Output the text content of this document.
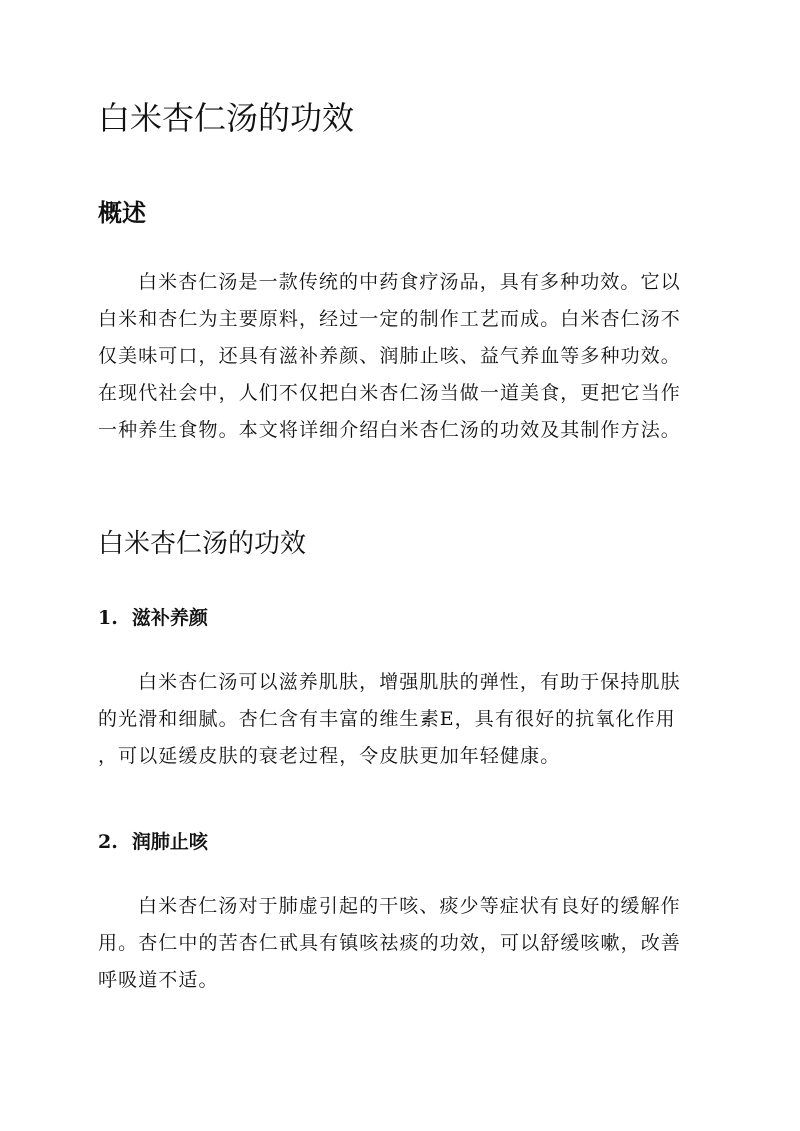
白米杏仁汤的功效
概述
白米杏仁汤是一款传统的中药食疗汤品，具有多种功效。它以
白米和杏仁为主要原料，经过一定的制作工艺而成。白米杏仁汤不
仅美味可口，还具有滋补养颜、润肺止咳、益气养血等多种功效。
在现代社会中，人们不仅把白米杏仁汤当做一道美食，更把它当作
一种养生食物。本文将详细介绍白米杏仁汤的功效及其制作方法。
白米杏仁汤的功效
1. 滋补养颜
白米杏仁汤可以滋养肌肤，增强肌肤的弹性，有助于保持肌肤
的光滑和细腻。杏仁含有丰富的维生素E，具有很好的抗氧化作用
，可以延缓皮肤的衰老过程，令皮肤更加年轻健康。
2. 润肺止咳
白米杏仁汤对于肺虚引起的干咳、痰少等症状有良好的缓解作
用。杏仁中的苦杏仁甙具有镇咳祛痰的功效，可以舒缓咳嗽，改善
呼吸道不适。
